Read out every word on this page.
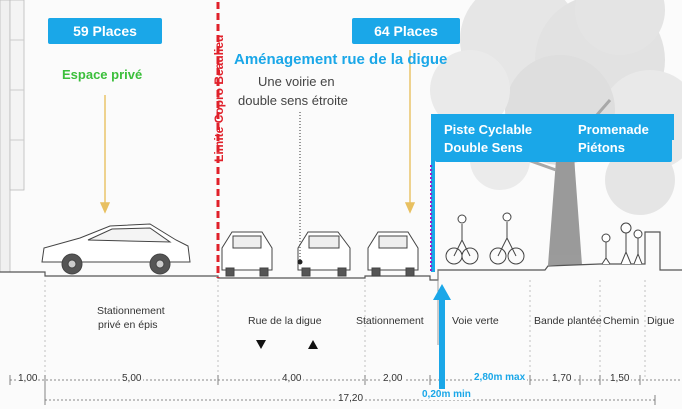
59 Places	64 Places
Espace privé	Limite Copro Beaulieu Aménagement rue de la digue
Une voirie en
double sens étroite
Piste Cyclable
Double Sens
Promenade
Piétons
Stationnement
privé en épis	Rue de la digue	Stationnement	Voie verte	Bande plantée Chemin Digue
1,00	5,00	4,00	2,00	1,70	1,50
17,20	0,20m min
2,80m max
